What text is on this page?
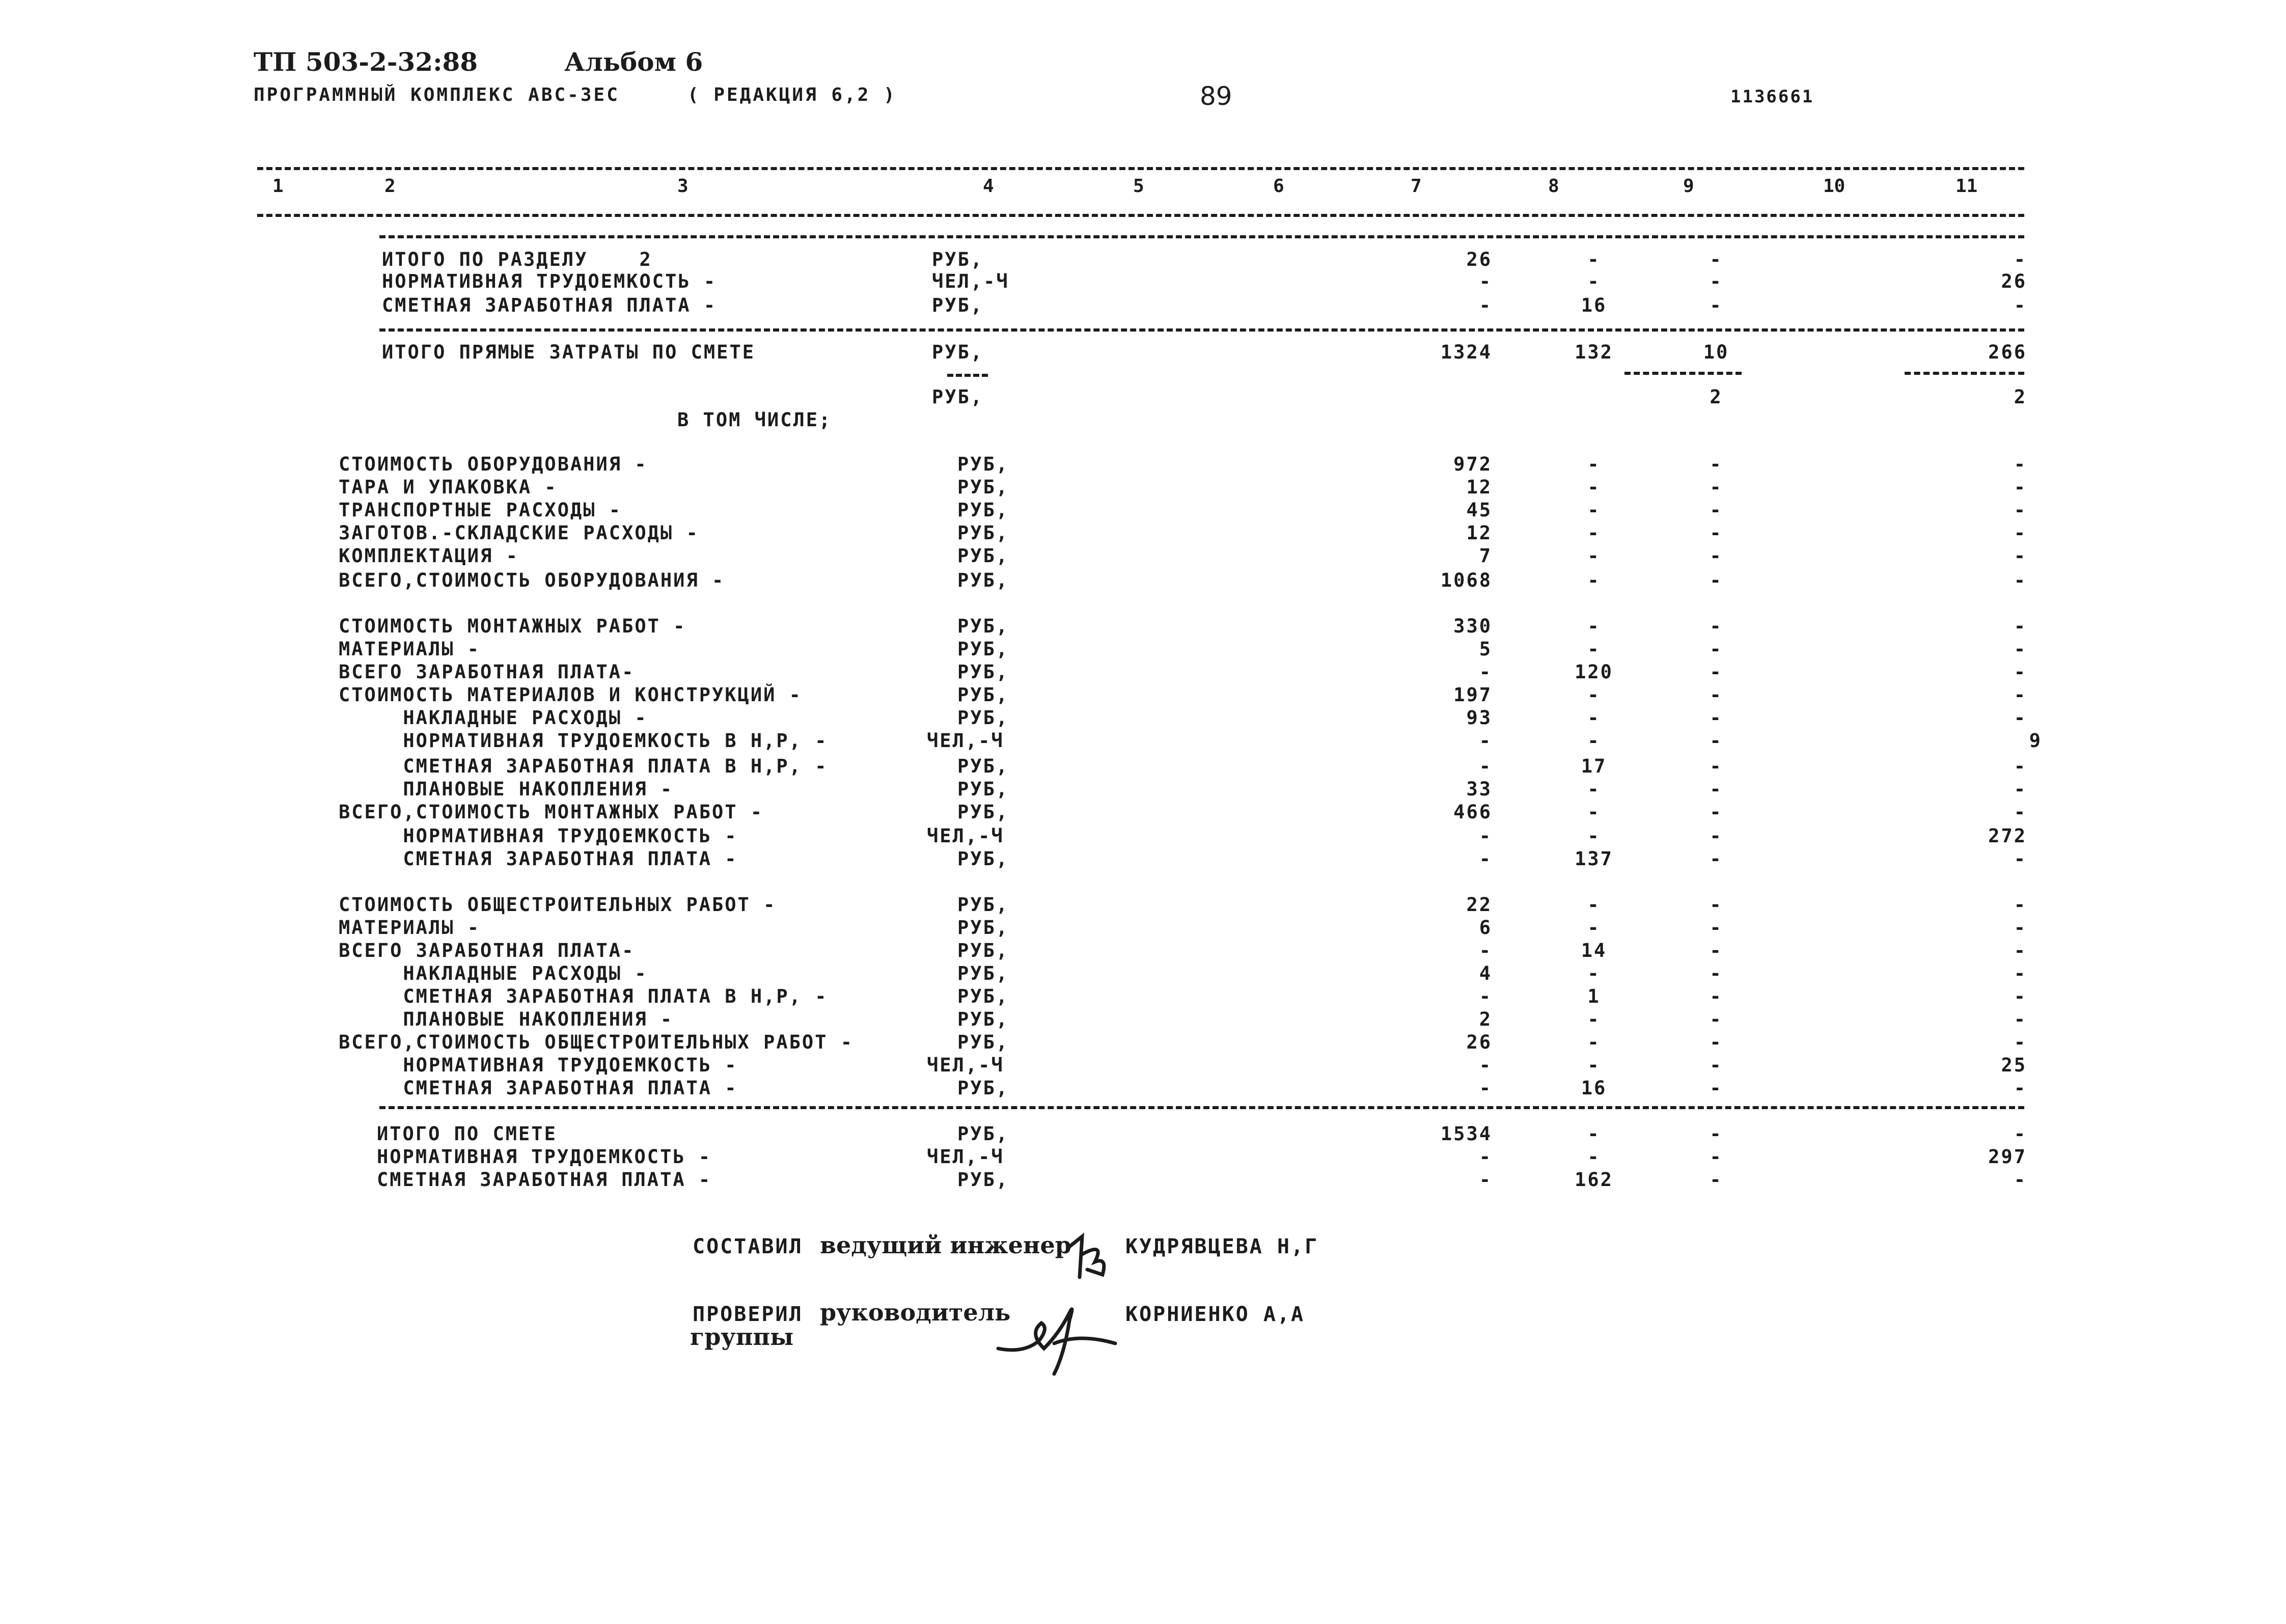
ТП 503-2-32:88	Альбом 6
ПРОГРАММНЫЙ КОМПЛЕКС АВС-3ЕС	( РЕДАКЦИЯ 6,2 )	89	1136661
1	2	3	4	5	6	7	8	9	10	11
ИТОГО ПО РАЗДЕЛУ    2	РУБ,	26	-	-	-
НОРМАТИВНАЯ ТРУДОЕМКОСТЬ -	ЧЕЛ,-Ч	-	-	-	26
СМЕТНАЯ ЗАРАБОТНАЯ ПЛАТА -	РУБ,	-	16	-	-
ИТОГО ПРЯМЫЕ ЗАТРАТЫ ПО СМЕТЕ	РУБ,	1324	132	10	266
РУБ,	2	2
В ТОМ ЧИСЛЕ;
СТОИМОСТЬ ОБОРУДОВАНИЯ -	РУБ,	972	-	-	-
ТАРА И УПАКОВКА -	РУБ,	12	-	-	-
ТРАНСПОРТНЫЕ РАСХОДЫ -	РУБ,	45	-	-	-
ЗАГОТОВ.-СКЛАДСКИЕ РАСХОДЫ -	РУБ,	12	-	-	-
КОМПЛЕКТАЦИЯ -	РУБ,	7	-	-	-
ВСЕГО,СТОИМОСТЬ ОБОРУДОВАНИЯ -	РУБ,	1068	-	-	-
СТОИМОСТЬ МОНТАЖНЫХ РАБОТ -	РУБ,	330	-	-	-
МАТЕРИАЛЫ -	РУБ,	5	-	-	-
ВСЕГО ЗАРАБОТНАЯ ПЛАТА-	РУБ,	-	120	-	-
СТОИМОСТЬ МАТЕРИАЛОВ И КОНСТРУКЦИЙ -	РУБ,	197	-	-	-
НАКЛАДНЫЕ РАСХОДЫ -	РУБ,	93	-	-	-
НОРМАТИВНАЯ ТРУДОЕМКОСТЬ В Н,Р, -	ЧЕЛ,-Ч	-	-	-	9
СМЕТНАЯ ЗАРАБОТНАЯ ПЛАТА В Н,Р, -	РУБ,	-	17	-	-
ПЛАНОВЫЕ НАКОПЛЕНИЯ -	РУБ,	33	-	-	-
ВСЕГО,СТОИМОСТЬ МОНТАЖНЫХ РАБОТ -	РУБ,	466	-	-	-
НОРМАТИВНАЯ ТРУДОЕМКОСТЬ -	ЧЕЛ,-Ч	-	-	-	272
СМЕТНАЯ ЗАРАБОТНАЯ ПЛАТА -	РУБ,	-	137	-	-
СТОИМОСТЬ ОБЩЕСТРОИТЕЛЬНЫХ РАБОТ -	РУБ,	22	-	-	-
МАТЕРИАЛЫ -	РУБ,	6	-	-	-
ВСЕГО ЗАРАБОТНАЯ ПЛАТА-	РУБ,	-	14	-	-
НАКЛАДНЫЕ РАСХОДЫ -	РУБ,	4	-	-	-
СМЕТНАЯ ЗАРАБОТНАЯ ПЛАТА В Н,Р, -	РУБ,	-	1	-	-
ПЛАНОВЫЕ НАКОПЛЕНИЯ -	РУБ,	2	-	-	-
ВСЕГО,СТОИМОСТЬ ОБЩЕСТРОИТЕЛЬНЫХ РАБОТ -	РУБ,	26	-	-	-
НОРМАТИВНАЯ ТРУДОЕМКОСТЬ -	ЧЕЛ,-Ч	-	-	-	25
СМЕТНАЯ ЗАРАБОТНАЯ ПЛАТА -	РУБ,	-	16	-	-
ИТОГО ПО СМЕТЕ	РУБ,	1534	-	-	-
НОРМАТИВНАЯ ТРУДОЕМКОСТЬ -	ЧЕЛ,-Ч	-	-	-	297
СМЕТНАЯ ЗАРАБОТНАЯ ПЛАТА -	РУБ,	-	162	-	-
СОСТАВИЛ ведущий инженер

	КУДРЯВЦЕВА Н,Г
ПРОВЕРИЛ руководитель
группы

КОРНИЕНКО А,А
